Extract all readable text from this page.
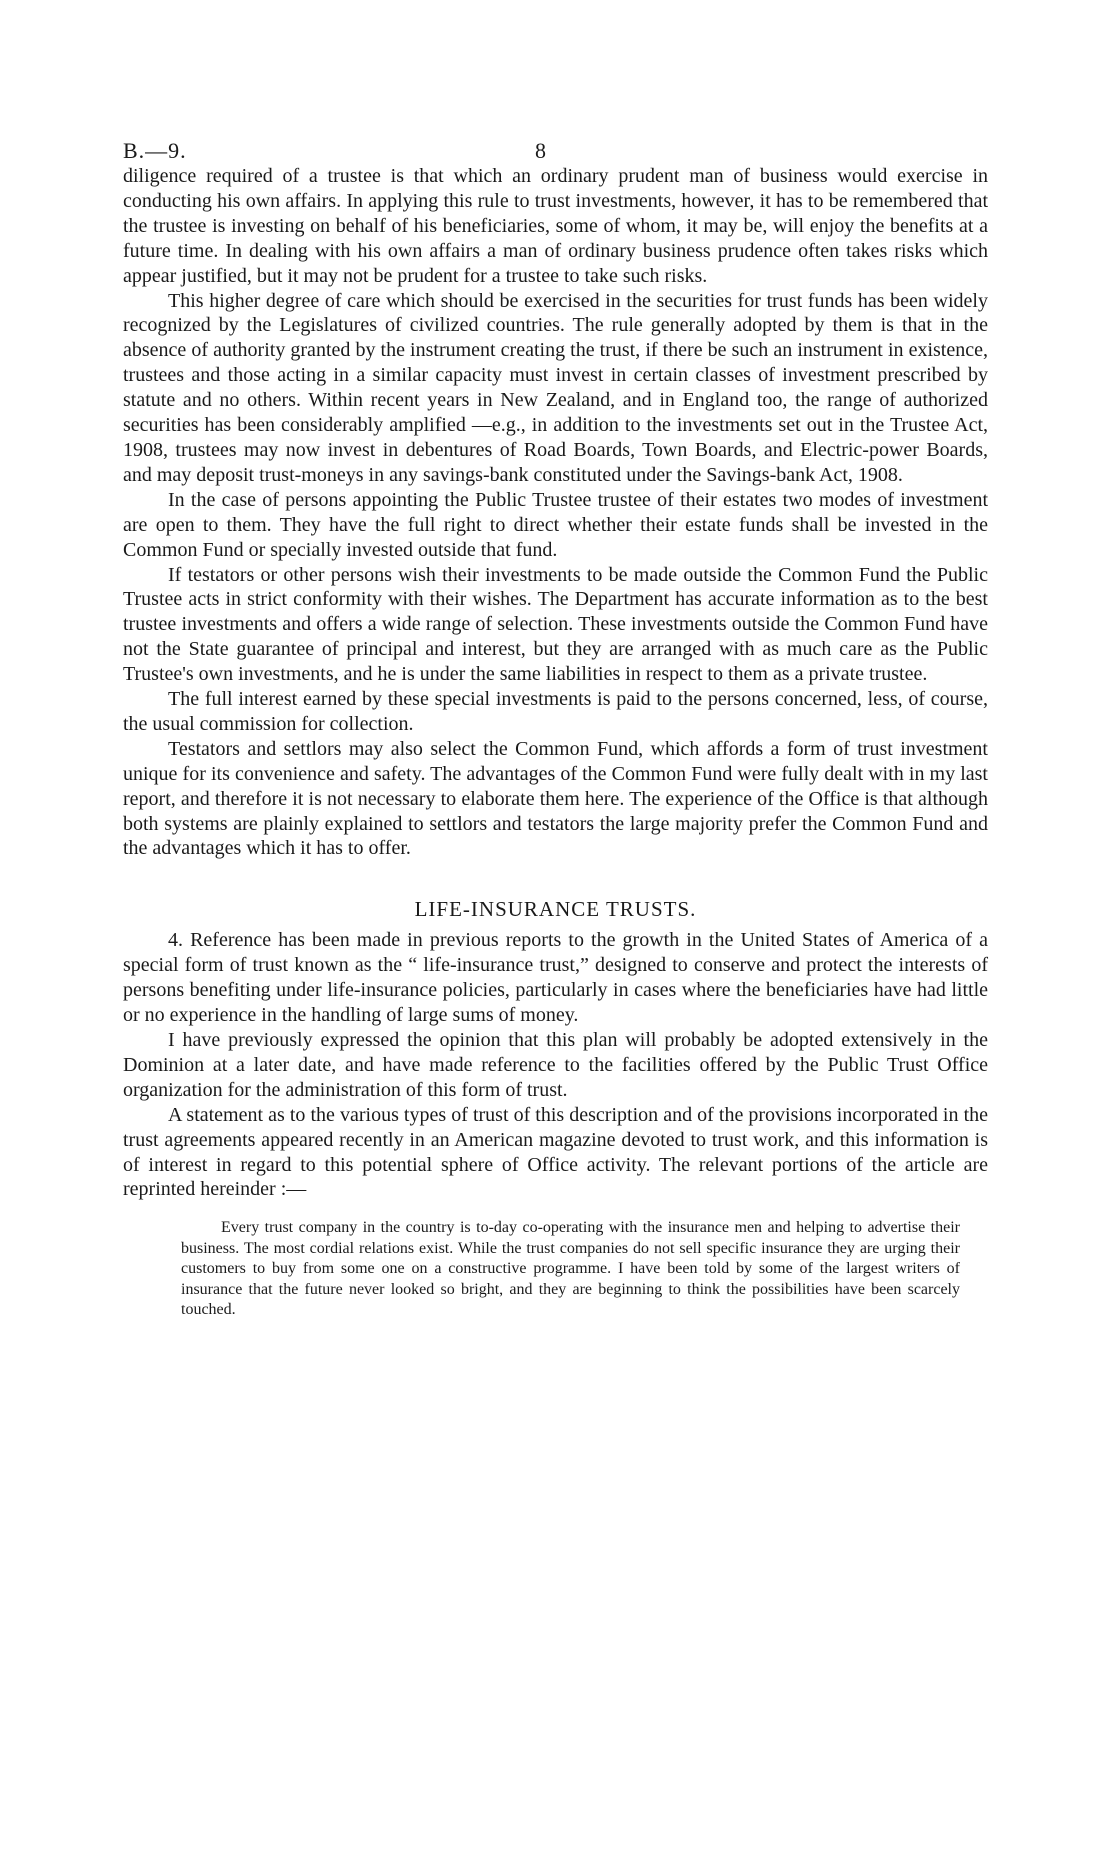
B.—9.	8

diligence required of a trustee is that which an ordinary prudent man of business would exercise in conducting his own affairs. In applying this rule to trust investments, however, it has to be remembered that the trustee is investing on behalf of his beneficiaries, some of whom, it may be, will enjoy the benefits at a future time. In dealing with his own affairs a man of ordinary business prudence often takes risks which appear justified, but it may not be prudent for a trustee to take such risks.

This higher degree of care which should be exercised in the securities for trust funds has been widely recognized by the Legislatures of civilized countries. The rule generally adopted by them is that in the absence of authority granted by the instrument creating the trust, if there be such an instrument in existence, trustees and those acting in a similar capacity must invest in certain classes of investment prescribed by statute and no others. Within recent years in New Zealand, and in England too, the range of authorized securities has been considerably amplified —e.g., in addition to the investments set out in the Trustee Act, 1908, trustees may now invest in debentures of Road Boards, Town Boards, and Electric-power Boards, and may deposit trust-moneys in any savings-bank constituted under the Savings-bank Act, 1908.

In the case of persons appointing the Public Trustee trustee of their estates two modes of investment are open to them. They have the full right to direct whether their estate funds shall be invested in the Common Fund or specially invested outside that fund.

If testators or other persons wish their investments to be made outside the Common Fund the Public Trustee acts in strict conformity with their wishes. The Department has accurate information as to the best trustee investments and offers a wide range of selection. These investments outside the Common Fund have not the State guarantee of principal and interest, but they are arranged with as much care as the Public Trustee's own investments, and he is under the same liabilities in respect to them as a private trustee.

The full interest earned by these special investments is paid to the persons concerned, less, of course, the usual commission for collection.

Testators and settlors may also select the Common Fund, which affords a form of trust investment unique for its convenience and safety. The advantages of the Common Fund were fully dealt with in my last report, and therefore it is not necessary to elaborate them here. The experience of the Office is that although both systems are plainly explained to settlors and testators the large majority prefer the Common Fund and the advantages which it has to offer.

LIFE-INSURANCE TRUSTS.

4. Reference has been made in previous reports to the growth in the United States of America of a special form of trust known as the “ life-insurance trust,” designed to conserve and protect the interests of persons benefiting under life-insurance policies, particularly in cases where the beneficiaries have had little or no experience in the handling of large sums of money.

I have previously expressed the opinion that this plan will probably be adopted extensively in the Dominion at a later date, and have made reference to the facilities offered by the Public Trust Office organization for the administration of this form of trust.

A statement as to the various types of trust of this description and of the provisions incorporated in the trust agreements appeared recently in an American magazine devoted to trust work, and this information is of interest in regard to this potential sphere of Office activity. The relevant portions of the article are reprinted hereinder :—

Every trust company in the country is to-day co-operating with the insurance men and helping to advertise their business. The most cordial relations exist. While the trust companies do not sell specific insurance they are urging their customers to buy from some one on a constructive programme. I have been told by some of the largest writers of insurance that the future never looked so bright, and they are beginning to think the possibilities have been scarcely touched.
